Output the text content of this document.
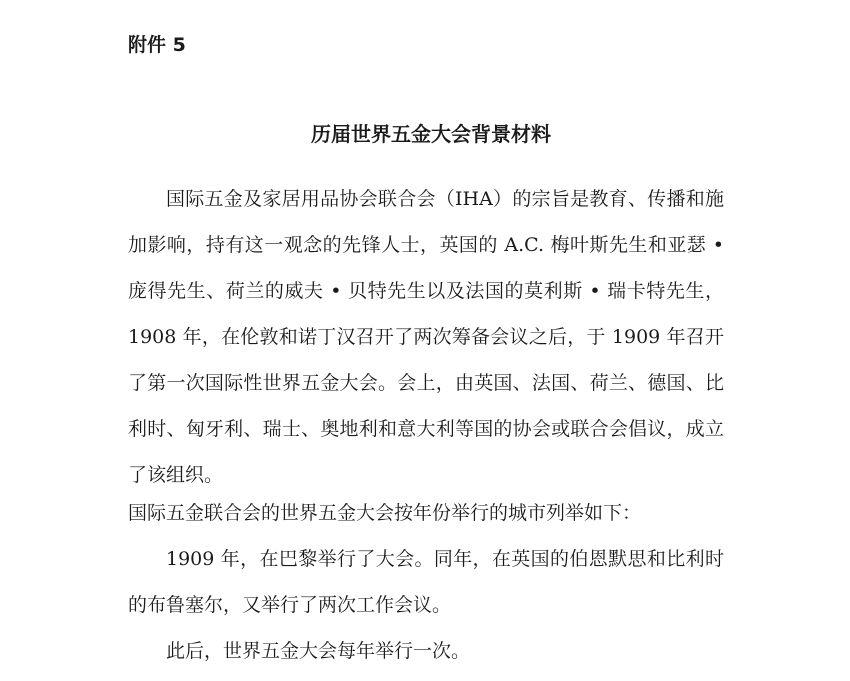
附件 5

历届世界五金大会背景材料

国际五金及家居用品协会联合会（IHA）的宗旨是教育、传播和施加影响，持有这一观念的先锋人士，英国的 A.C. 梅叶斯先生和亚瑟 • 庞得先生、荷兰的威夫 • 贝特先生以及法国的莫利斯 • 瑞卡特先生，1908 年，在伦敦和诺丁汉召开了两次筹备会议之后，于 1909 年召开了第一次国际性世界五金大会。会上，由英国、法国、荷兰、德国、比利时、匈牙利、瑞士、奥地利和意大利等国的协会或联合会倡议，成立了该组织。

国际五金联合会的世界五金大会按年份举行的城市列举如下：

1909 年，在巴黎举行了大会。同年，在英国的伯恩默思和比利时的布鲁塞尔，又举行了两次工作会议。

此后，世界五金大会每年举行一次。
